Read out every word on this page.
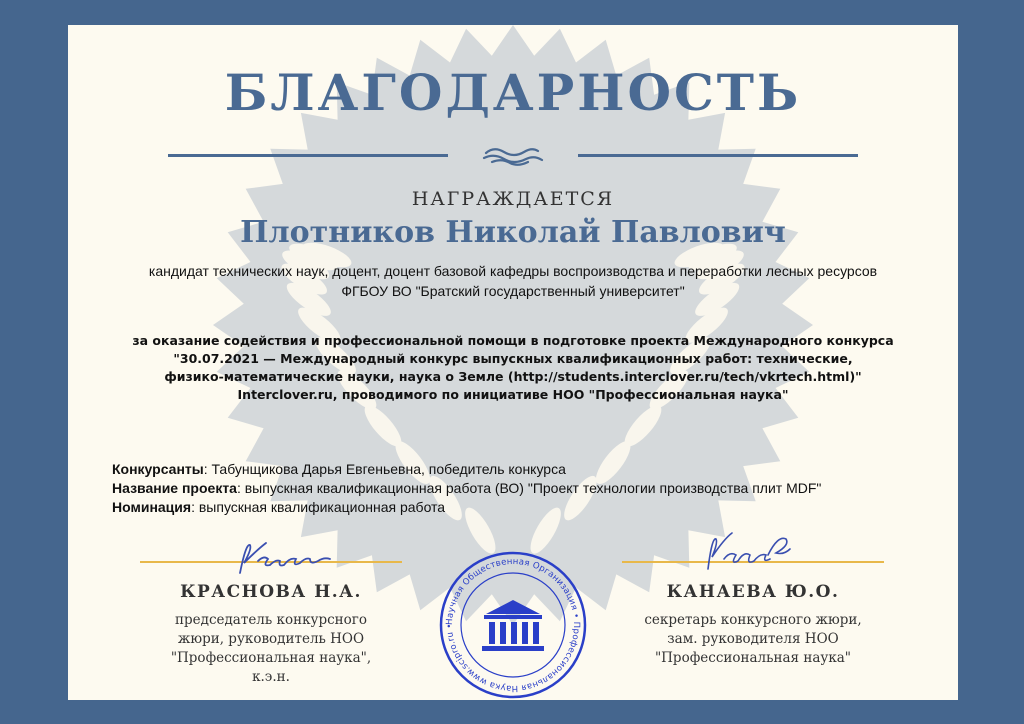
БЛАГОДАРНОСТЬ
НАГРАЖДАЕТСЯ
Плотников Николай Павлович
кандидат технических наук, доцент, доцент базовой кафедры воспроизводства и переработки лесных ресурсов
ФГБОУ ВО "Братский государственный университет"
за оказание содействия и профессиональной помощи в подготовке проекта Международного конкурса
"30.07.2021 — Международный конкурс выпускных квалификационных работ: технические,
физико-математические науки, наука о Земле (http://students.interclover.ru/tech/vkrtech.html)"
Interclover.ru, проводимого по инициативе НОО "Профессиональная наука"
Конкурсанты: Табунщикова Дарья Евгеньевна, победитель конкурса
Название проекта: выпускная квалификационная работа (ВО) "Проект технологии производства плит MDF"
Номинация: выпускная квалификационная работа
КРАСНОВА Н.А.
председатель конкурсного
жюри, руководитель НОО
"Профессиональная наука",
к.э.н.
КАНАЕВА Ю.О.
секретарь конкурсного жюри,
зам. руководителя НОО
"Профессиональная наука"
Научная Общественная Организация • Профессиональная Наука www.scipro.ru •
